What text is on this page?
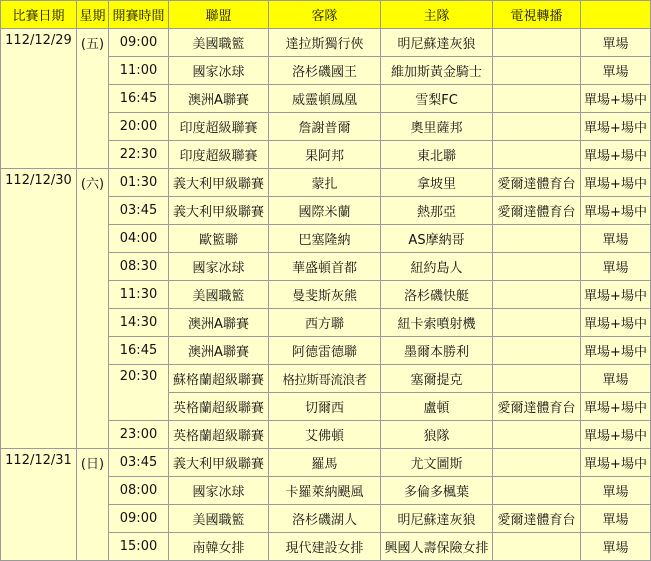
比賽日期	星期	開賽時間	聯盟	客隊	主隊	電視轉播	
112/12/29	(五)	09:00	美國職籃	達拉斯獨行俠	明尼蘇達灰狼		單場
		11:00	國家冰球	洛杉磯國王	維加斯黃金騎士		單場
		16:45	澳洲A聯賽	威靈頓鳳凰	雪梨FC		單場+場中
		20:00	印度超級聯賽	詹謝普爾	奧里薩邦		單場+場中
		22:30	印度超級聯賽	果阿邦	東北聯		單場+場中
112/12/30	(六)	01:30	義大利甲級聯賽	蒙扎	拿坡里	愛爾達體育台	單場+場中
		03:45	義大利甲級聯賽	國際米蘭	熱那亞	愛爾達體育台	單場+場中
		04:00	歐籃聯	巴塞隆納	AS摩納哥		單場
		08:30	國家冰球	華盛頓首都	紐約島人		單場
		11:30	美國職籃	曼斐斯灰熊	洛杉磯快艇		單場+場中
		14:30	澳洲A聯賽	西方聯	紐卡索噴射機		單場+場中
		16:45	澳洲A聯賽	阿德雷德聯	墨爾本勝利		單場+場中
		20:30	蘇格蘭超級聯賽	格拉斯哥流浪者	塞爾提克		單場
			英格蘭超級聯賽	切爾西	盧頓	愛爾達體育台	單場+場中
		23:00	英格蘭超級聯賽	艾佛頓	狼隊		單場+場中
112/12/31	(日)	03:45	義大利甲級聯賽	羅馬	尤文圖斯		單場+場中
		08:00	國家冰球	卡羅萊納颶風	多倫多楓葉		單場
		09:00	美國職籃	洛杉磯湖人	明尼蘇達灰狼	愛爾達體育台	單場
		15:00	南韓女排	現代建設女排	興國人壽保險女排		單場
